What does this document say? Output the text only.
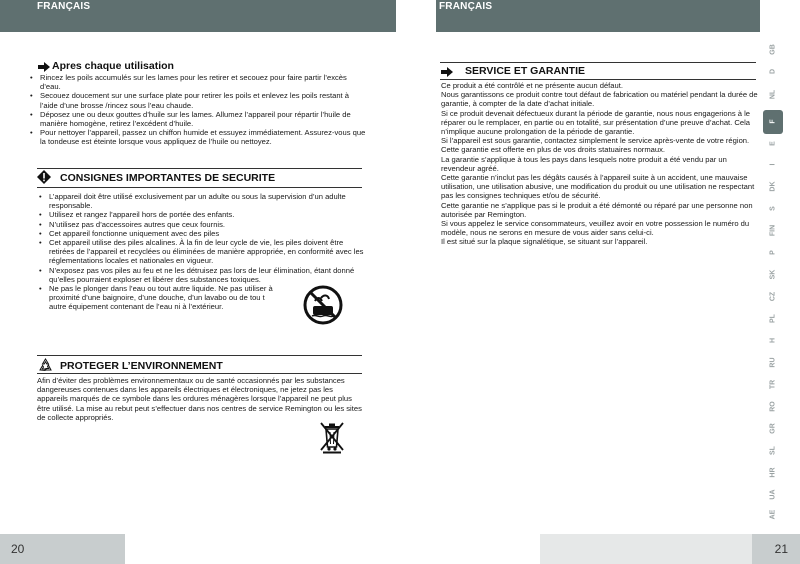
FRANÇAIS	FRANÇAIS
GB
D
NL
F
E
I
DK
S
FIN
P
SK
CZ
PL
H
RU
TR
RO
GR
SL
HR
UA
AE
Apres chaque utilisation
• Rincez les poils accumulés sur les lames pour les retirer et secouez pour faire partir l’excès d’eau.
• Secouez doucement sur une surface plate pour retirer les poils et enlevez les poils restant à l’aide d’une brosse /rincez sous l’eau chaude.
• Déposez une ou deux gouttes d’huile sur les lames. Allumez l’appareil pour répartir l’huile de manière homogène, retirez l’excédent d’huile.
• Pour nettoyer l’appareil, passez un chiffon humide et essuyez immédiatement. Assurez-vous que la tondeuse est éteinte lorsque vous appliquez de l’huile ou nettoyez.
CONSIGNES IMPORTANTES DE SECURITE
• L’appareil doit être utilisé exclusivement par un adulte ou sous la supervision d’un adulte responsable.
• Utilisez et rangez l’appareil hors de portée des enfants.
• N’utilisez pas d’accessoires autres que ceux fournis.
• Cet appareil fonctionne uniquement avec des piles
• Cet appareil utilise des piles alcalines. À la fin de leur cycle de vie, les piles doivent être retirées de l’appareil et recyclées ou éliminées de manière appropriée, en conformité avec les réglementations locales et nationales en vigueur.
• N’exposez pas vos piles au feu et ne les détruisez pas lors de leur élimination, étant donné qu’elles pourraient exploser et libérer des substances toxiques.
• Ne pas le plonger dans l’eau ou tout autre liquide. Ne pas utiliser à proximité d’une baignoire, d’une douche, d’un lavabo ou de tou t autre équipement contenant de l’eau ni à l’extérieur.
PROTEGER L’ENVIRONNEMENT

Afin d’éviter des problèmes environnementaux ou de santé occasionnés par les substances dangereuses contenues dans les appareils électriques et électroniques, ne jetez pas les appareils marqués de ce symbole dans les ordures ménagères lorsque l’appareil ne peut plus être utilisé. La mise au rebut peut s’effectuer dans nos centres de service Remington ou les sites de collecte appropriés.

SERVICE ET GARANTIE

Ce produit a été contrôlé et ne présente aucun défaut.

Nous garantissons ce produit contre tout défaut de fabrication ou matériel pendant la durée de garantie, à compter de la date d’achat initiale.

Si ce produit devenait défectueux durant la période de garantie, nous nous engagerions à le réparer ou le remplacer, en partie ou en totalité, sur présentation d’une preuve d’achat. Cela n’implique aucune prolongation de la période de garantie.

Si l’appareil est sous garantie, contactez simplement le service après-vente de votre région.

Cette garantie est offerte en plus de vos droits statuaires normaux.

La garantie s’applique à tous les pays dans lesquels notre produit a été vendu par un revendeur agréé.

Cette garantie n’inclut pas les dégâts causés à l’appareil suite à un accident, une mauvaise utilisation, une utilisation abusive, une modification du produit ou une utilisation ne respectant pas les consignes techniques et/ou de sécurité.

Cette garantie ne s’applique pas si le produit a été démonté ou réparé par une personne non autorisée par Remington.

Si vous appelez le service consommateurs, veuillez avoir en votre possession le numéro du modèle, nous ne serons en mesure de vous aider sans celui-ci.

Il est situé sur la plaque signalétique, se situant sur l’appareil.

20	21
